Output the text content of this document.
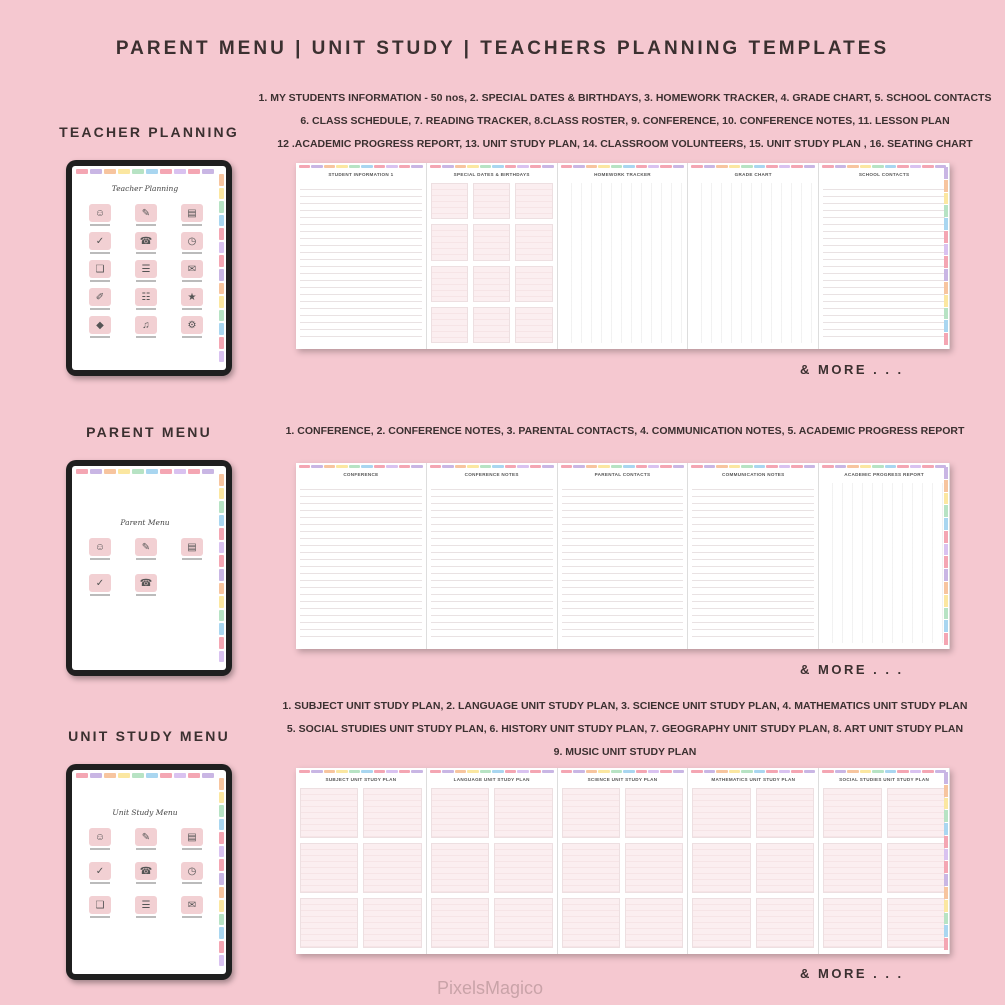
PARENT MENU | UNIT STUDY | TEACHERS PLANNING TEMPLATES
TEACHER PLANNING
1. MY STUDENTS INFORMATION - 50 nos, 2. SPECIAL DATES & BIRTHDAYS, 3. HOMEWORK TRACKER, 4. GRADE CHART, 5. SCHOOL CONTACTS
6. CLASS SCHEDULE, 7. READING TRACKER, 8.CLASS ROSTER, 9. CONFERENCE, 10. CONFERENCE NOTES, 11. LESSON PLAN
12 .ACADEMIC PROGRESS REPORT, 13. UNIT STUDY PLAN, 14. CLASSROOM VOLUNTEERS, 15. UNIT STUDY PLAN , 16. SEATING CHART
Teacher Planning
☺	✎	▤
✓	☎	◷
❑	☰	✉
✐	☷	★
◆	♫	⚙
STUDENT INFORMATION 1	SPECIAL DATES & BIRTHDAYS	HOMEWORK TRACKER	GRADE CHART	SCHOOL CONTACTS
& MORE . . .
PARENT MENU	1. CONFERENCE, 2. CONFERENCE NOTES, 3. PARENTAL CONTACTS, 4. COMMUNICATION NOTES, 5. ACADEMIC PROGRESS REPORT
Parent Menu
☺	✎	▤
✓	☎
CONFERENCE	CONFERENCE NOTES	PARENTAL CONTACTS	COMMUNICATION NOTES	ACADEMIC PROGRESS REPORT
& MORE . . .
UNIT STUDY MENU
1. SUBJECT UNIT STUDY PLAN, 2. LANGUAGE UNIT STUDY PLAN, 3. SCIENCE UNIT STUDY PLAN, 4. MATHEMATICS UNIT STUDY PLAN
5. SOCIAL STUDIES UNIT STUDY PLAN, 6. HISTORY UNIT STUDY PLAN, 7. GEOGRAPHY UNIT STUDY PLAN, 8. ART UNIT STUDY PLAN
9. MUSIC UNIT STUDY PLAN
Unit Study Menu
☺	✎	▤
✓	☎	◷
❑	☰	✉
SUBJECT UNIT STUDY PLAN	LANGUAGE UNIT STUDY PLAN	SCIENCE UNIT STUDY PLAN	MATHEMATICS UNIT STUDY PLAN	SOCIAL STUDIES UNIT STUDY PLAN
& MORE . . .
PixelsMagico
